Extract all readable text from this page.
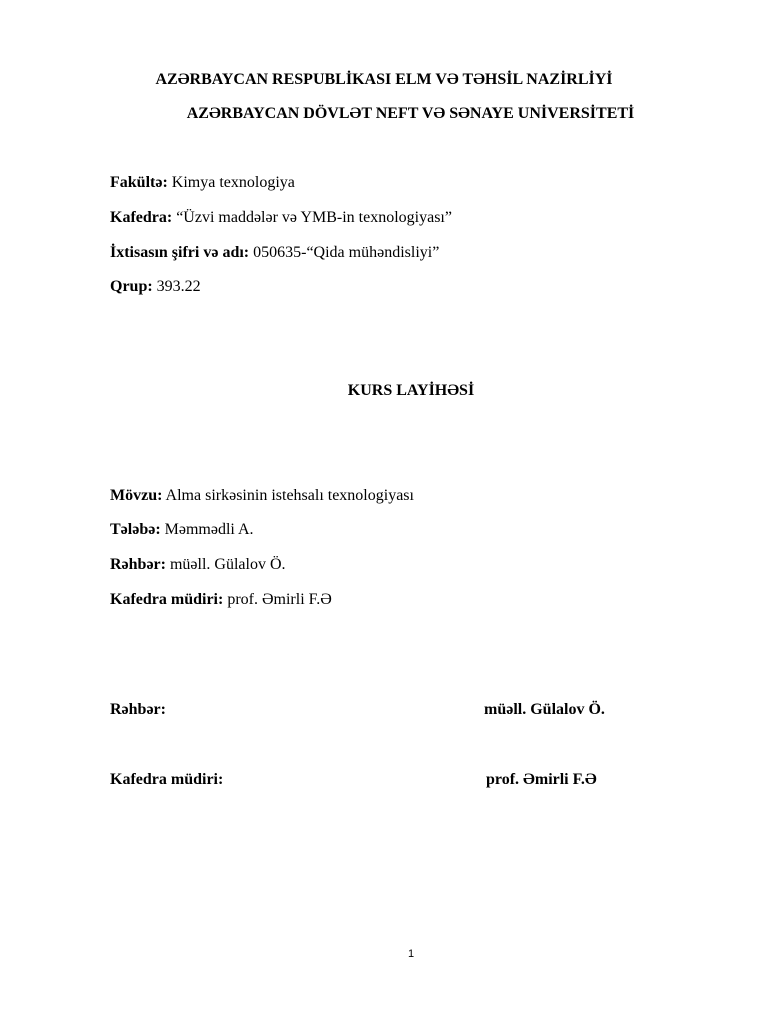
AZƏRBAYCAN RESPUBLİKASI ELM VƏ TƏHSİL NAZİRLİYİ
AZƏRBAYCAN DÖVLƏT NEFT VƏ SƏNAYE UNİVERSİTETİ
Fakültə: Kimya texnologiya
Kafedra: “Üzvi maddələr və YMB-in texnologiyası”
İxtisasın şifri və adı: 050635-“Qida mühəndisliyi”
Qrup: 393.22
KURS LAYİHƏSİ
Mövzu: Alma sirkəsinin istehsalı texnologiyası
Tələbə: Məmmədli A.
Rəhbər: müəll. Gülalov Ö.
Kafedra müdiri: prof. Əmirli F.Ə
Rəhbər:	müəll. Gülalov Ö.
Kafedra müdiri:	prof. Əmirli F.Ə
1
